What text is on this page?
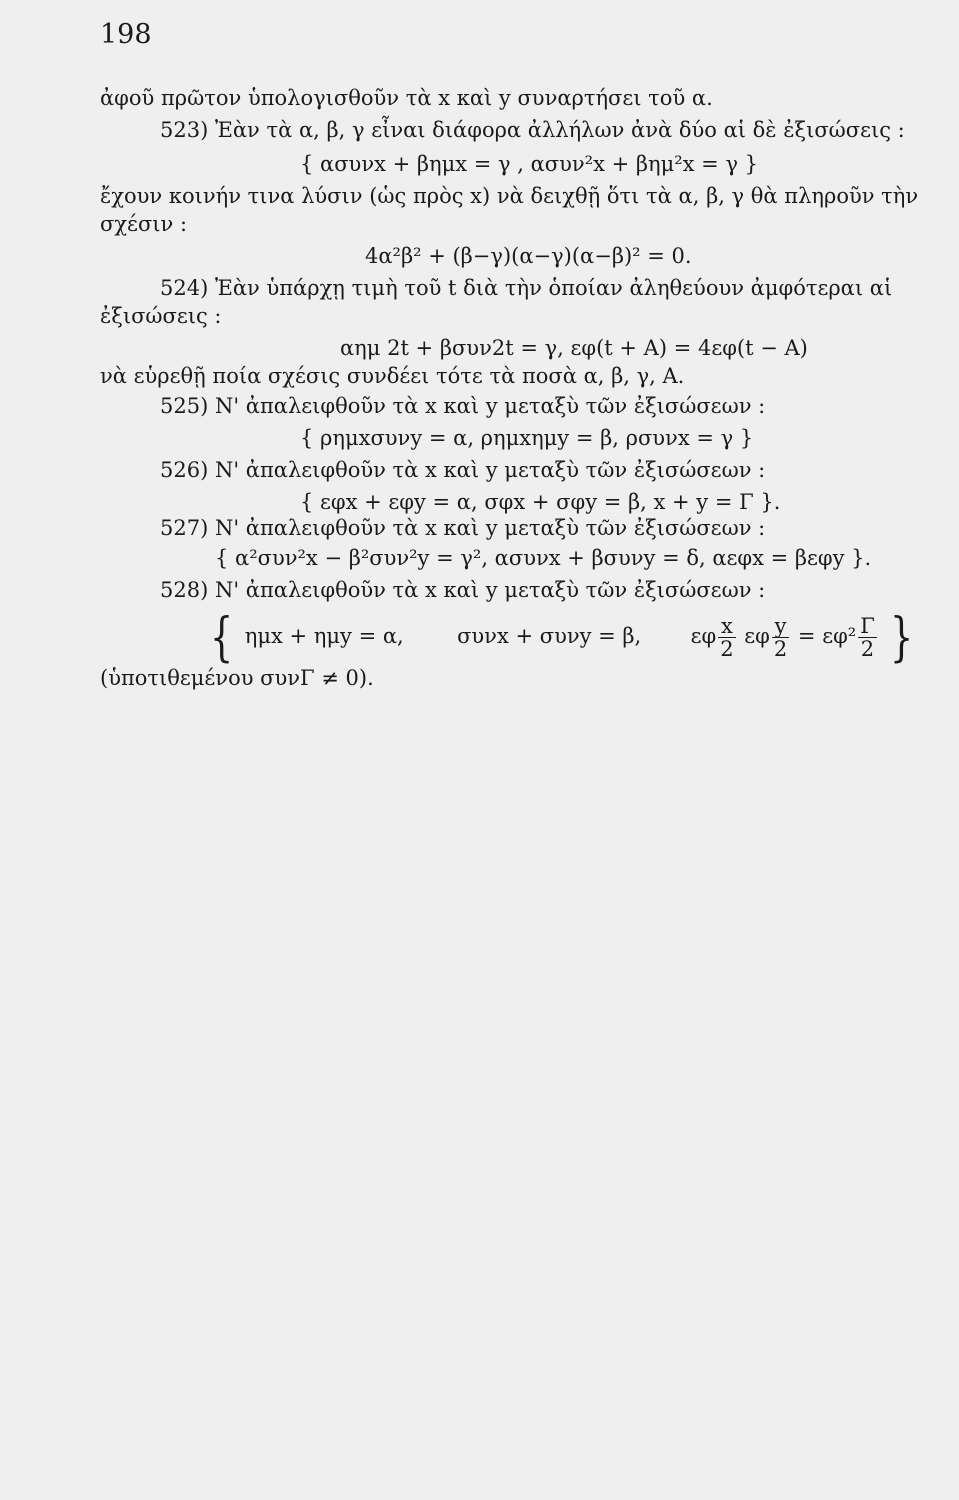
198
ἀφοῦ πρῶτον ὑπολογισθοῦν τὰ x καὶ y συναρτήσει τοῦ α.
523) Ἐὰν τὰ α, β, γ εἶναι διάφορα ἀλλήλων ἀνὰ δύο αἱ δὲ ἐξισώσεις :
{ ασυνx + βημx = γ , ασυν²x + βημ²x = γ }
ἔχουν κοινήν τινα λύσιν (ὡς πρὸς x) νὰ δειχθῇ ὅτι τὰ α, β, γ θὰ πληροῦν τὴν
σχέσιν :
4α²β² + (β−γ)(α−γ)(α−β)² = 0.
524) Ἐὰν ὑπάρχῃ τιμὴ τοῦ t διὰ τὴν ὁποίαν ἀληθεύουν ἀμφότεραι αἱ
ἐξισώσεις :
αημ 2t + βσυν2t = γ, εφ(t + A) = 4εφ(t − A)
νὰ εὑρεθῇ ποία σχέσις συνδέει τότε τὰ ποσὰ α, β, γ, A.
525) Ν' ἀπαλειφθοῦν τὰ x καὶ y μεταξὺ τῶν ἐξισώσεων :
{ ρημxσυνy = α, ρημxημy = β, ρσυνx = γ }
526) Ν' ἀπαλειφθοῦν τὰ x καὶ y μεταξὺ τῶν ἐξισώσεων :
{ εφx + εφy = α, σφx + σφy = β, x + y = Γ }.
527) Ν' ἀπαλειφθοῦν τὰ x καὶ y μεταξὺ τῶν ἐξισώσεων :
{ α²συν²x − β²συν²y = γ², ασυνx + βσυνy = δ, αεφx = βεφy }.
528) Ν' ἀπαλειφθοῦν τὰ x καὶ y μεταξὺ τῶν ἐξισώσεων :
{ ημx + ημy = α,	συνx + συνy = β, εφ $\frac{x}{2}$ εφ $\frac{y}{2} = \varepsilon\varphi^2 \frac{\Gamma}{2}$ }
(ὑποτιθεμένου συνΓ ≠ 0).
